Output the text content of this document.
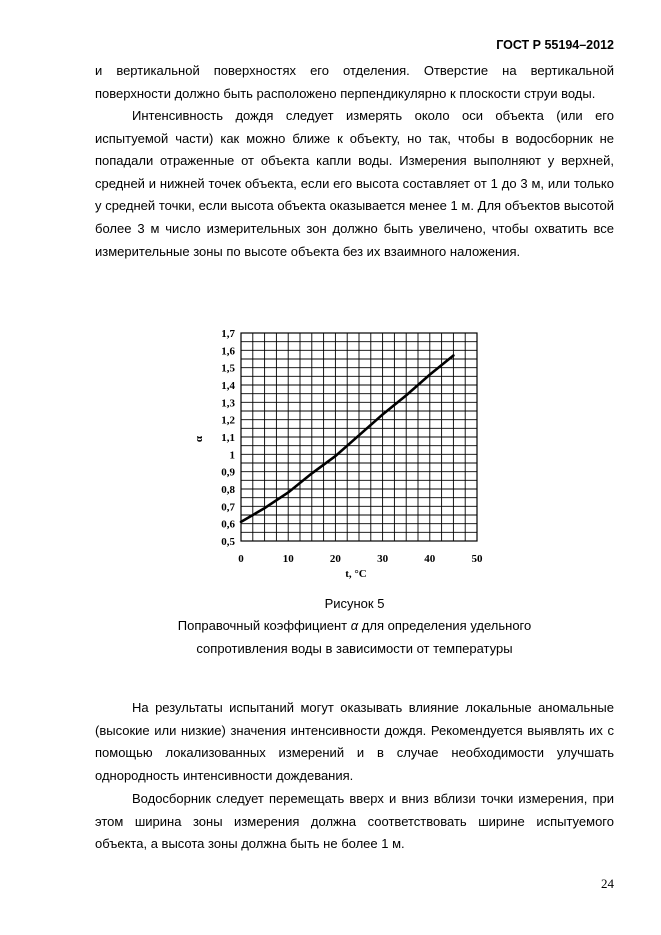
ГОСТ Р 55194–2012

и вертикальной поверхностях его отделения. Отверстие на вертикальной поверхности должно быть расположено перпендикулярно к плоскости струи воды.

Интенсивность дождя следует измерять около оси объекта (или его испытуемой части) как можно ближе к объекту, но так, чтобы в водосборник не попадали отраженные от объекта капли воды. Измерения выполняют у верхней, средней и нижней точек объекта, если его высота составляет от 1 до 3 м, или только у средней точки, если высота объекта оказывается менее 1 м. Для объектов высотой более 3 м число измерительных зон должно быть увеличено, чтобы охватить все измерительные зоны по высоте объекта без их взаимного наложения.

0,5
0,6
0,7
0,8
0,9
1
1,1
1,2
1,3
1,4
1,5
1,6
1,7
0	10	20	30	40	50
α
t, °C

Рисунок 5

Поправочный коэффициент α для определения удельного

сопротивления воды в зависимости от температуры

На результаты испытаний могут оказывать влияние локальные аномальные (высокие или низкие) значения интенсивности дождя. Рекомендуется выявлять их с помощью локализованных измерений и в случае необходимости улучшать однородность интенсивности дождевания.

Водосборник следует перемещать вверх и вниз вблизи точки измерения, при этом ширина зоны измерения должна соответствовать ширине испытуемого объекта, а высота зоны должна быть не более 1 м.

24
